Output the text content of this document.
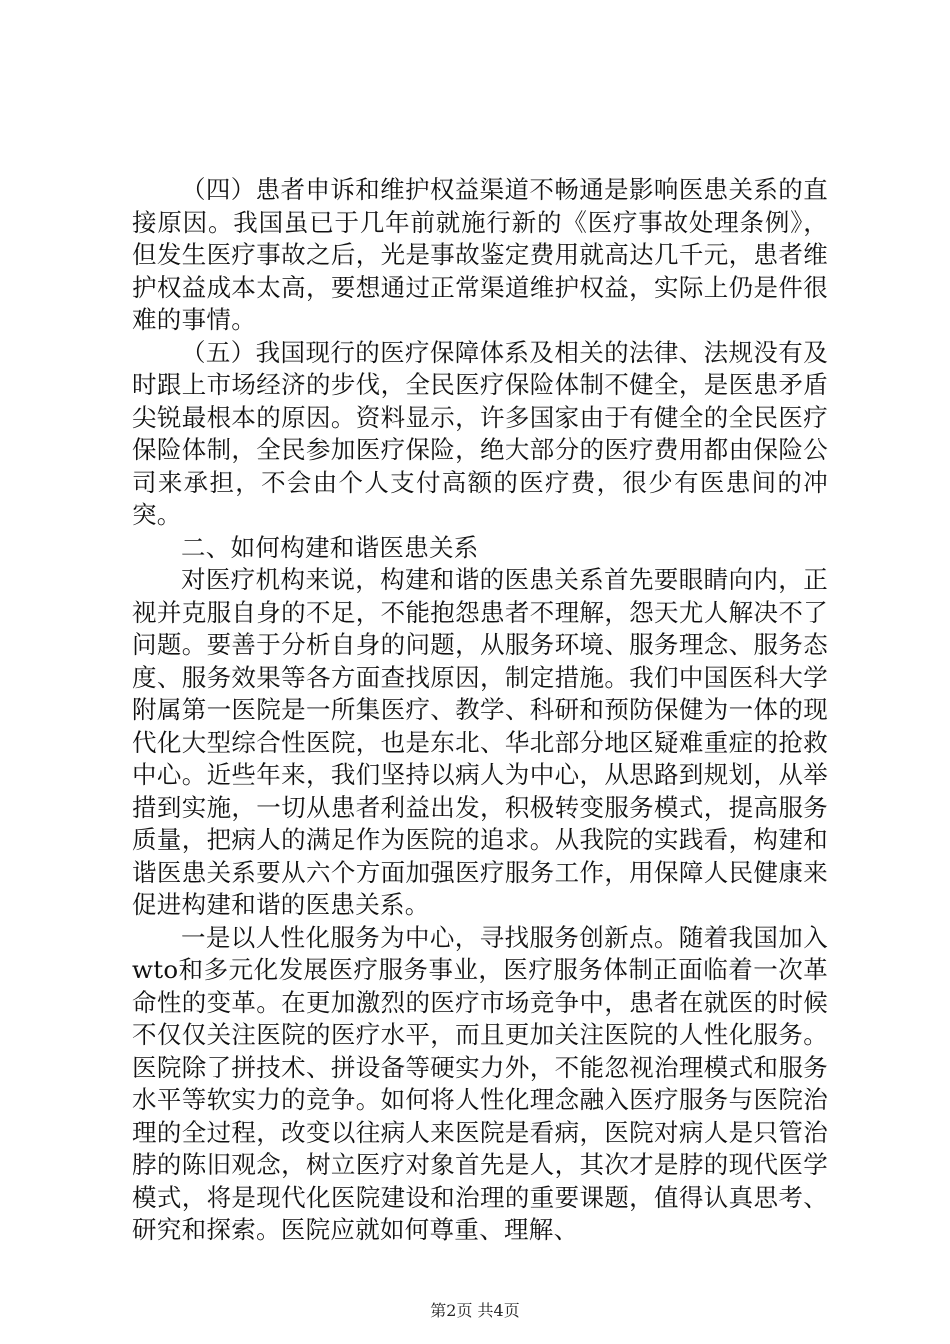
（四）患者申诉和维护权益渠道不畅通是影响医患关系的直接原因。我国虽已于几年前就施行新的《医疗事故处理条例》，但发生医疗事故之后，光是事故鉴定费用就高达几千元，患者维护权益成本太高，要想通过正常渠道维护权益，实际上仍是件很难的事情。

（五）我国现行的医疗保障体系及相关的法律、法规没有及时跟上市场经济的步伐，全民医疗保险体制不健全，是医患矛盾尖锐最根本的原因。资料显示，许多国家由于有健全的全民医疗保险体制，全民参加医疗保险，绝大部分的医疗费用都由保险公司来承担，不会由个人支付高额的医疗费，很少有医患间的冲突。

二、如何构建和谐医患关系

对医疗机构来说，构建和谐的医患关系首先要眼睛向内，正视并克服自身的不足，不能抱怨患者不理解，怨天尤人解决不了问题。要善于分析自身的问题，从服务环境、服务理念、服务态度、服务效果等各方面查找原因，制定措施。我们中国医科大学附属第一医院是一所集医疗、教学、科研和预防保健为一体的现代化大型综合性医院，也是东北、华北部分地区疑难重症的抢救中心。近些年来，我们坚持以病人为中心，从思路到规划，从举措到实施，一切从患者利益出发，积极转变服务模式，提高服务质量，把病人的满足作为医院的追求。从我院的实践看，构建和谐医患关系要从六个方面加强医疗服务工作，用保障人民健康来促进构建和谐的医患关系。

一是以人性化服务为中心，寻找服务创新点。随着我国加入wto和多元化发展医疗服务事业，医疗服务体制正面临着一次革命性的变革。在更加激烈的医疗市场竞争中，患者在就医的时候不仅仅关注医院的医疗水平，而且更加关注医院的人性化服务。医院除了拼技术、拼设备等硬实力外，不能忽视治理模式和服务水平等软实力的竞争。如何将人性化理念融入医疗服务与医院治理的全过程，改变以往病人来医院是看病，医院对病人是只管治脖的陈旧观念，树立医疗对象首先是人，其次才是脖的现代医学模式，将是现代化医院建设和治理的重要课题，值得认真思考、研究和探索。医院应就如何尊重、理解、

第2页 共4页
